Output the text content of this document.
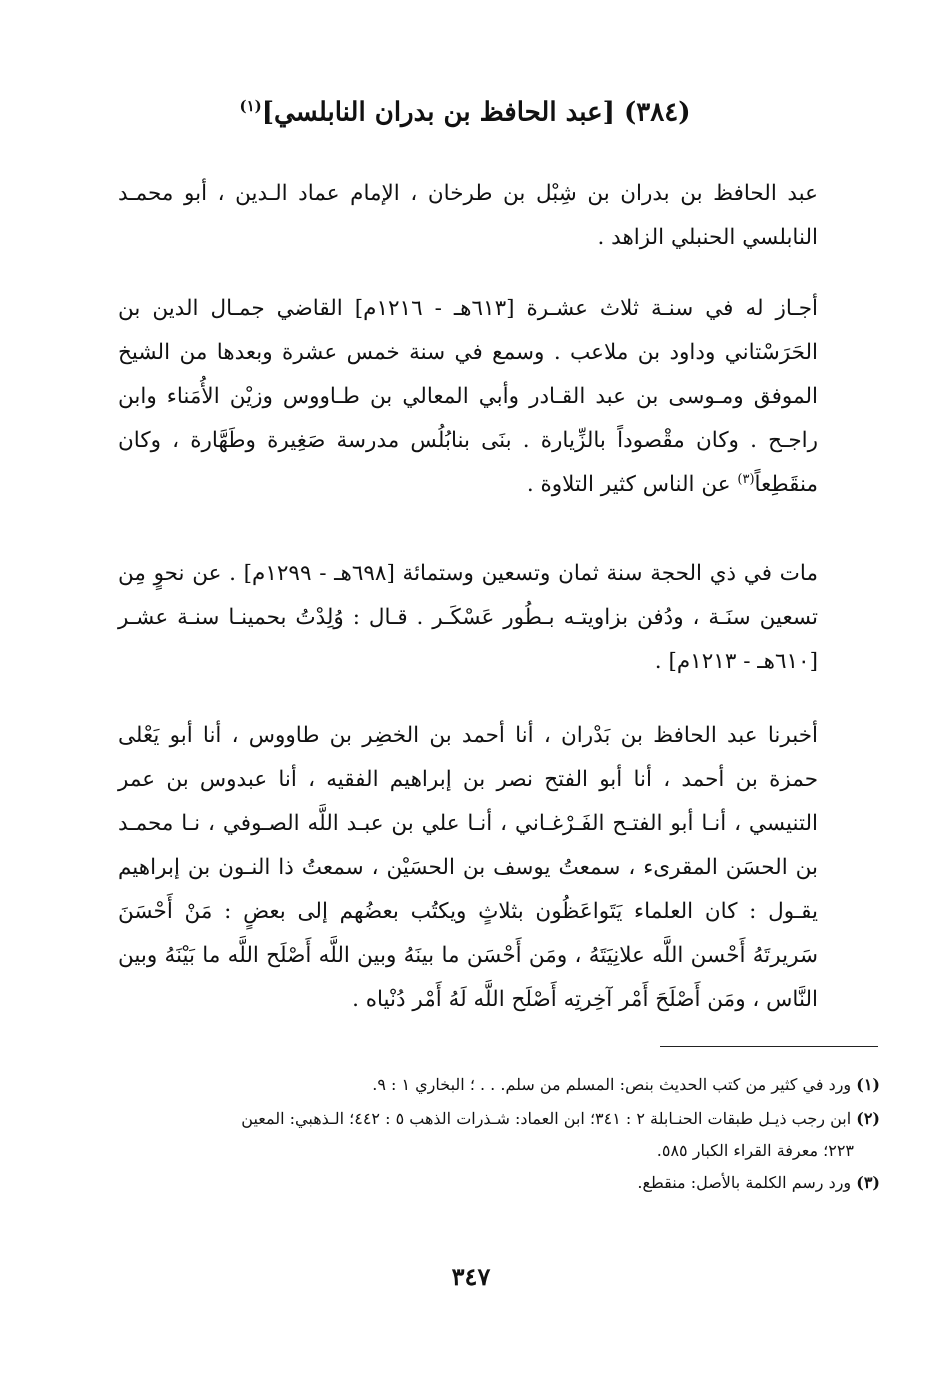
(٣٨٤) [عبد الحافظ بن بدران النابلسي]$^{(١)}$

عبد الحافظ بن بدران بن شِبْل بن طرخان ، الإمام عماد الـدين ، أبو محمـد النابلسي الحنبلي الزاهد .

أجـاز له في سنـة ثلاث عشـرة [٦١٣هـ - ١٢١٦م] القاضي جمـال الدين بن الحَرَسْتاني وداود بن ملاعب . وسمع في سنة خمس عشرة وبعدها من الشيخ الموفق ومـوسى بن عبد القـادر وأبي المعالي بن طـاووس وزيْن الأُمَناء وابن راجـح . وكان مقْصوداً بالزِّيارة . بنَى بنابُلُس مدرسة صَغِيرة وطَهَّارة ، وكان منقَطِعاً$^{(٣)}$ عن الناس كثير التلاوة .

مات في ذي الحجة سنة ثمان وتسعين وستمائة [٦٩٨هـ - ١٢٩٩م] . عن نحوٍ مِن تسعين سنَـة ، ودُفن بزاويتـه بـطُور عَسْكَـر . قـال : وُلِدْتُ بحمينـا سنـة عشـر [٦١٠هـ - ١٢١٣م] .

أخبرنا عبد الحافظ بن بَدْران ، أنا أحمد بن الخضِر بن طاووس ، أنا أبو يَعْلى حمزة بن أحمد ، أنا أبو الفتح نصر بن إبراهيم الفقيه ، أنا عبدوس بن عمر التنيسي ، أنـا أبو الفتـح الفَـرْغـاني ، أنـا علي بن عبـد اللَّه الصـوفي ، نـا محمـد بن الحسَن المقرىء ، سمعتُ يوسف بن الحسَيْن ، سمعتُ ذا النـون بن إبراهيم يقـول : كان العلماء يَتَواعَظُون بثلاثٍ ويكتُب بعضُهم إلى بعضٍ : مَنْ أَحْسَنَ سَريرتَهُ أَحْسن اللَّه علانِيَتَهُ ، ومَن أَحْسَن ما بينَهُ وبين اللَّه أَصْلَح اللَّه ما بَيْنَهُ وبين النَّاس ، ومَن أَصْلَحَ أَمْر آخِرتِه أَصْلَح اللَّه لَهُ أَمْر دُنْياه .

(١) ورد في كثير من كتب الحديث بنص: المسلم من سلم. . . ؛ البخاري ١ : ٩.

(٢) ابن رجب ذيـل طبقات الحنـابلة ٢ : ٣٤١؛ ابن العماد: شـذرات الذهب ٥ : ٤٤٢؛ الـذهبي: المعين
٢٢٣؛ معرفة القراء الكبار ٥٨٥.

(٣) ورد رسم الكلمة بالأصل: منقطع.

٣٤٧
